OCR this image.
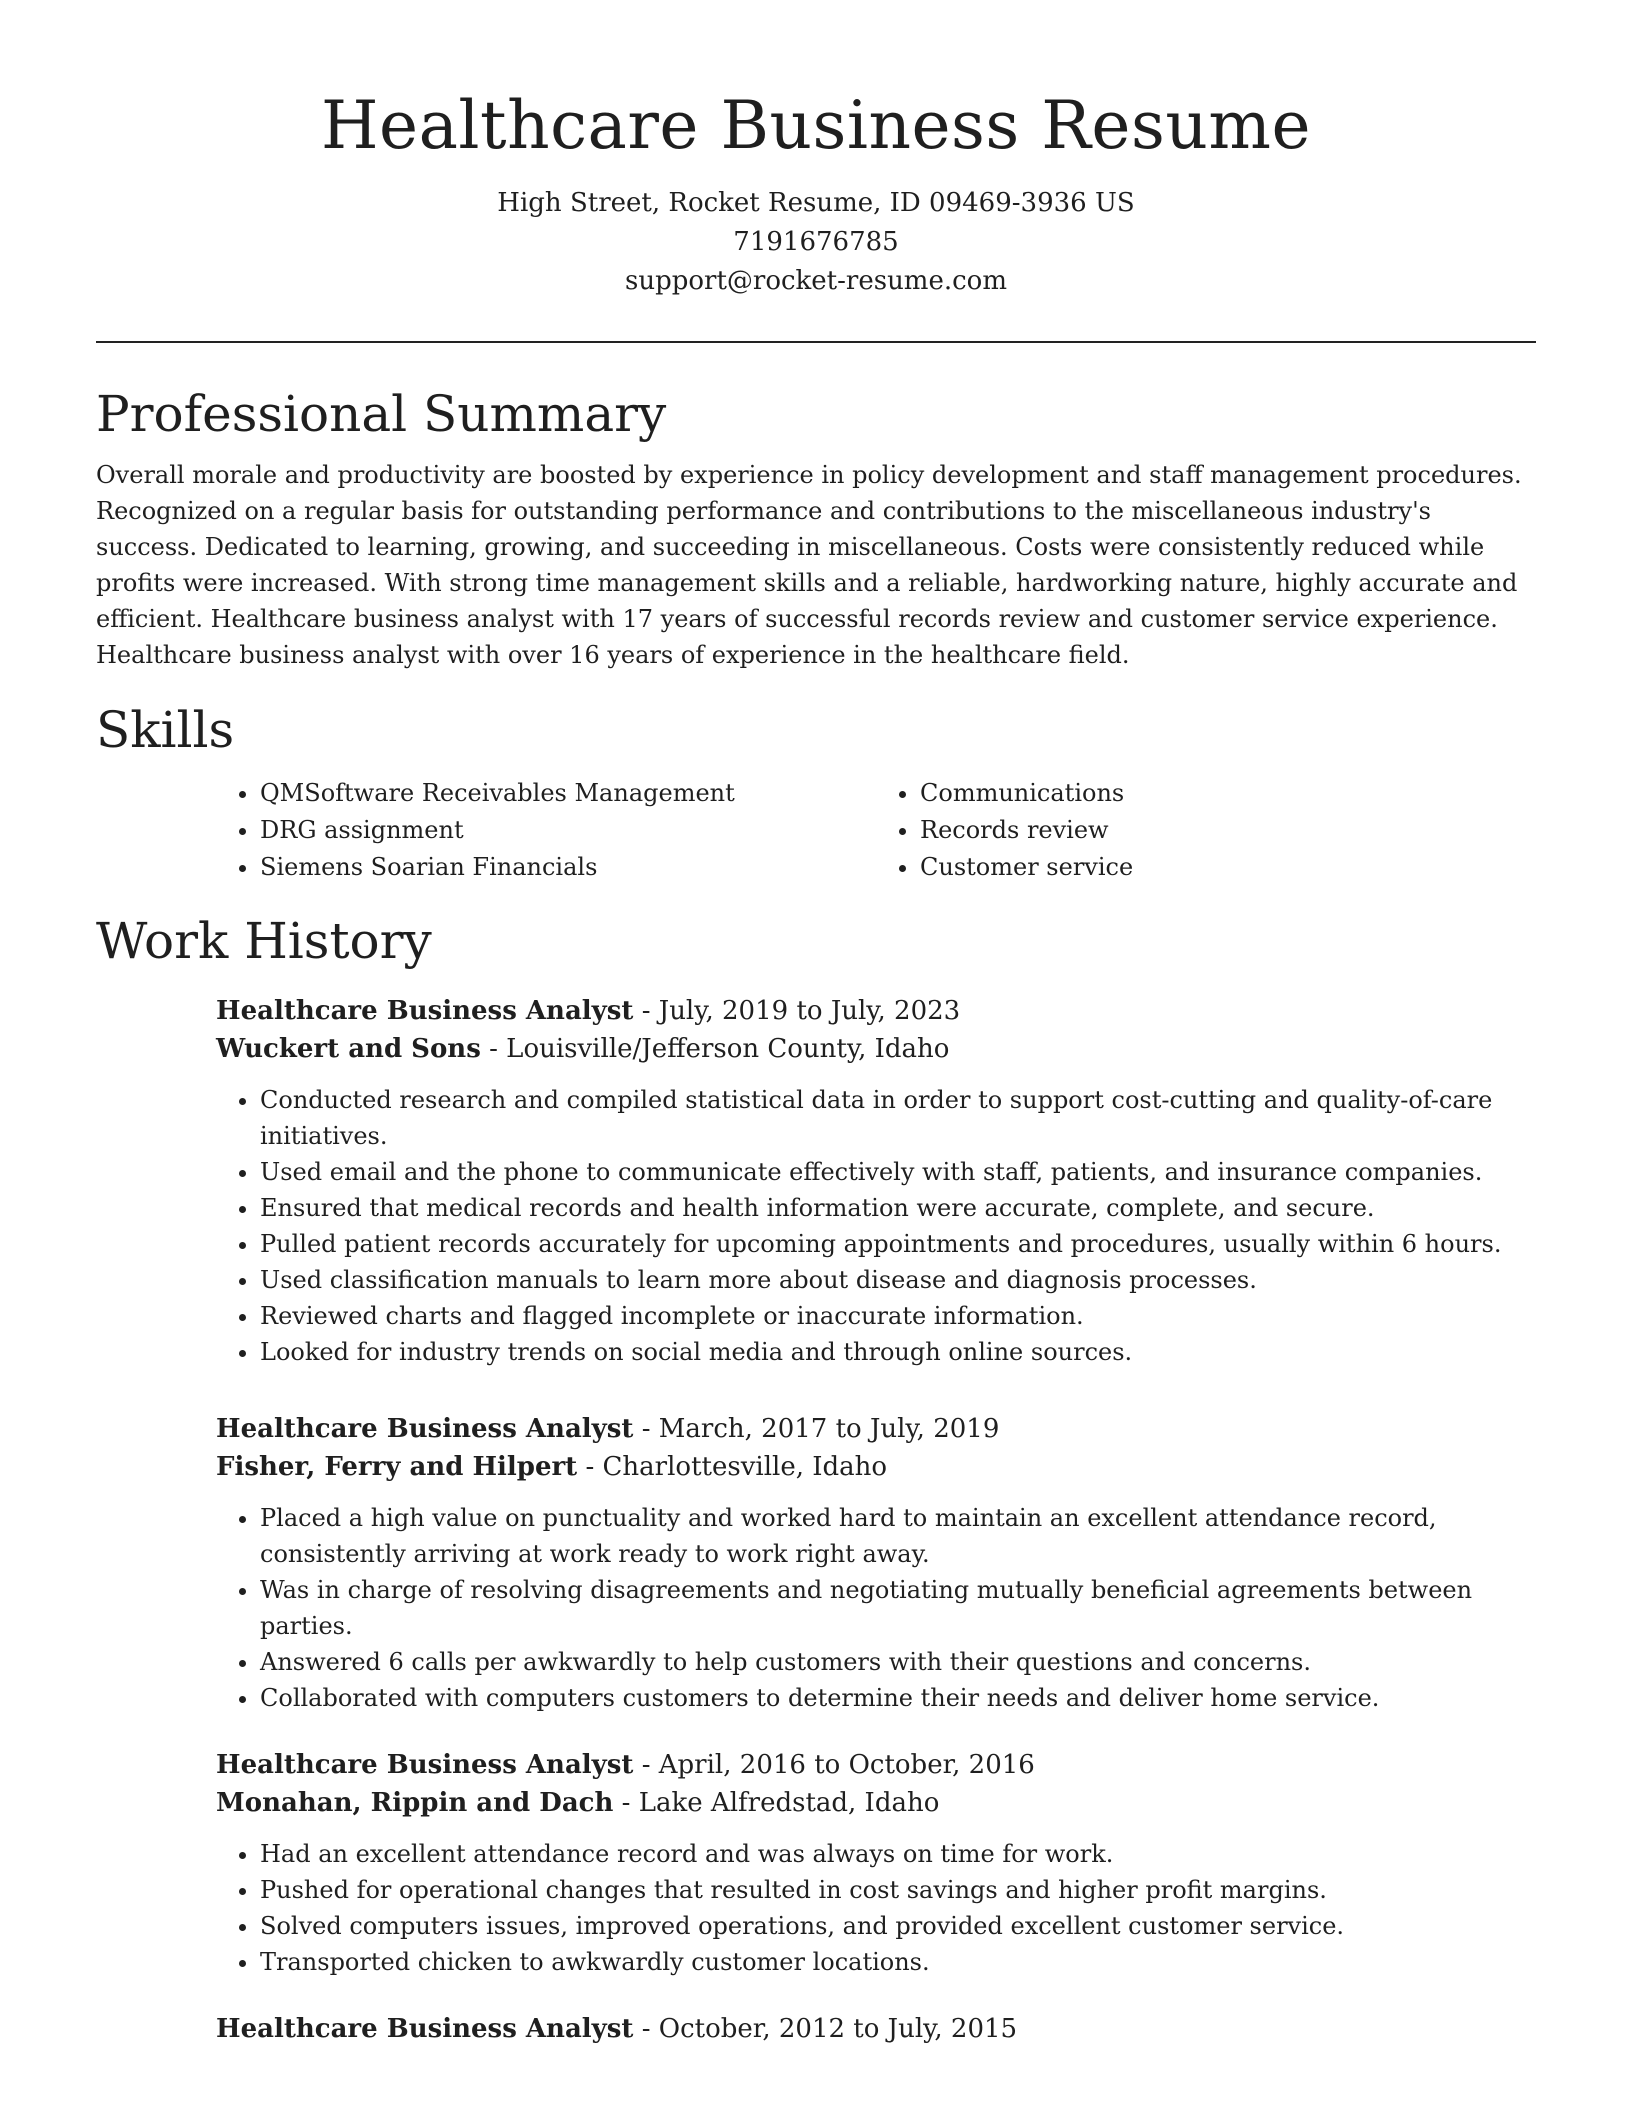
Healthcare Business Resume

High Street, Rocket Resume, ID 09469-3936 US

7191676785

support@rocket-resume.com

Professional Summary

Overall morale and productivity are boosted by experience in policy development and staff management procedures. Recognized on a regular basis for outstanding performance and contributions to the miscellaneous industry's success. Dedicated to learning, growing, and succeeding in miscellaneous. Costs were consistently reduced while profits were increased. With strong time management skills and a reliable, hardworking nature, highly accurate and efficient. Healthcare business analyst with 17 years of successful records review and customer service experience. Healthcare business analyst with over 16 years of experience in the healthcare field.

Skills
• QMSoftware Receivables Management
• DRG assignment
• Siemens Soarian Financials
• Communications
• Records review
• Customer service
Work History

Healthcare Business Analyst - July, 2019 to July, 2023

Wuckert and Sons - Louisville/Jefferson County, Idaho

• Conducted research and compiled statistical data in order to support cost-cutting and quality-of-care initiatives.
• Used email and the phone to communicate effectively with staff, patients, and insurance companies.
• Ensured that medical records and health information were accurate, complete, and secure.
• Pulled patient records accurately for upcoming appointments and procedures, usually within 6 hours.
• Used classification manuals to learn more about disease and diagnosis processes.
• Reviewed charts and flagged incomplete or inaccurate information.
• Looked for industry trends on social media and through online sources.

Healthcare Business Analyst - March, 2017 to July, 2019

Fisher, Ferry and Hilpert - Charlottesville, Idaho

• Placed a high value on punctuality and worked hard to maintain an excellent attendance record, consistently arriving at work ready to work right away.
• Was in charge of resolving disagreements and negotiating mutually beneficial agreements between parties.
• Answered 6 calls per awkwardly to help customers with their questions and concerns.
• Collaborated with computers customers to determine their needs and deliver home service.

Healthcare Business Analyst - April, 2016 to October, 2016

Monahan, Rippin and Dach - Lake Alfredstad, Idaho

• Had an excellent attendance record and was always on time for work.
• Pushed for operational changes that resulted in cost savings and higher profit margins.
• Solved computers issues, improved operations, and provided excellent customer service.
• Transported chicken to awkwardly customer locations.

Healthcare Business Analyst - October, 2012 to July, 2015
